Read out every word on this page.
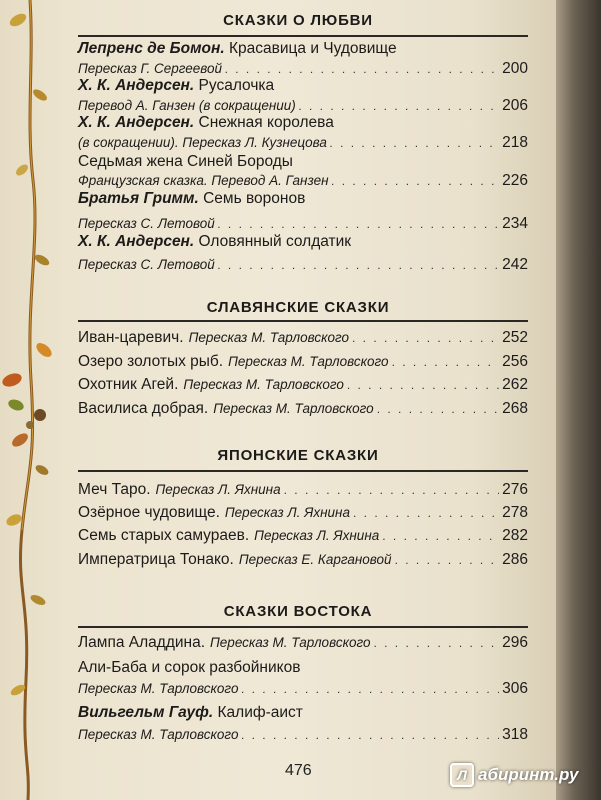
СКАЗКИ О ЛЮБВИ
Лепренс де Бомон. Красавица и Чудовище
Пересказ Г. Сергеевой . . .	200
Х. К. Андерсен. Русалочка
Перевод А. Ганзен (в сокращении) . . .	206
Х. К. Андерсен. Снежная королева
(в сокращении). Пересказ Л. Кузнецова . . .	218
Седьмая жена Синей Бороды
Французская сказка. Перевод А. Ганзен . . .	226
Братья Гримм. Семь воронов
Пересказ С. Летовой . . .	234
Х. К. Андерсен. Оловянный солдатик
Пересказ С. Летовой . . .	242
СЛАВЯНСКИЕ СКАЗКИ
Иван-царевич. Пересказ М. Тарловского . . .	252
Озеро золотых рыб. Пересказ М. Тарловского . . .	256
Охотник Агей. Пересказ М. Тарловского . . .	262
Василиса добрая. Пересказ М. Тарловского . . .	268
ЯПОНСКИЕ СКАЗКИ
Меч Таро. Пересказ Л. Яхнина . . .	276
Озёрное чудовище. Пересказ Л. Яхнина . . .	278
Семь старых самураев. Пересказ Л. Яхнина . . .	282
Императрица Тонако. Пересказ Е. Каргановой . . .	286
СКАЗКИ ВОСТОКА
Лампа Аладдина. Пересказ М. Тарловского . . .	296
Али-Баба и сорок разбойников
Пересказ М. Тарловского . . .	306
Вильгельм Гауф. Калиф-аист
Пересказ М. Тарловского . . .	318
476	Л абиринт.ру
